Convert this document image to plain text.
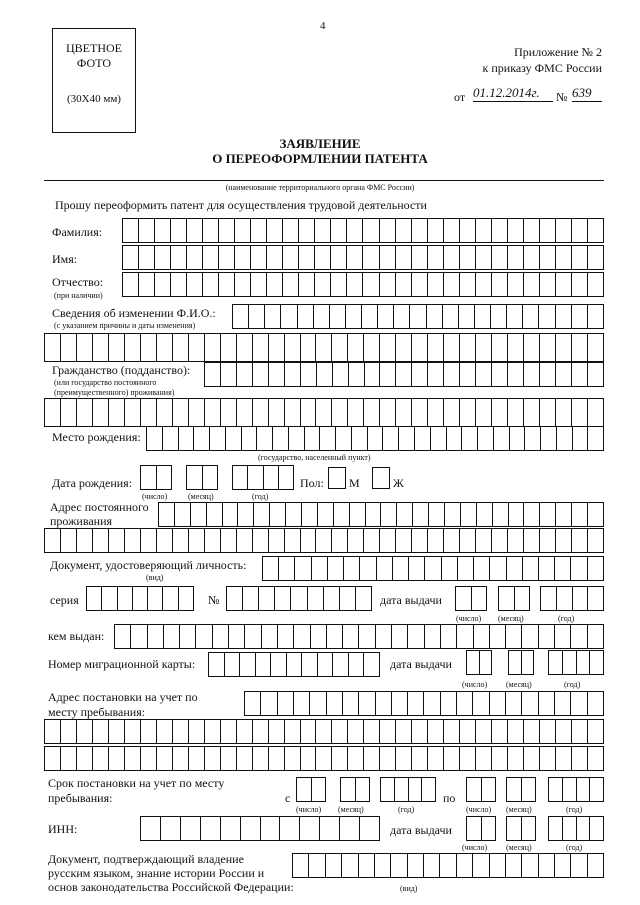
4
ЦВЕТНОЕ
ФОТО
(30Х40 мм)
Приложение № 2
к приказу ФМС России
от 01.12.2014г.	№ 639
ЗАЯВЛЕНИЕ
О ПЕРЕОФОРМЛЕНИИ ПАТЕНТА
(наименование территориального органа ФМС России)
Прошу переоформить патент для осуществления трудовой деятельности
Фамилия:
Имя:
Отчество:
(при наличии)
Сведения об изменении Ф.И.О.:
(с указанием причины и даты изменения)
Гражданство (подданство):
(или государство постоянного
(преимущественного) проживания)
Место рождения:
(государство, населенный пункт)
Дата рождения:
(число)	(месяц)	(год)
Пол: М	Ж
Адрес постоянного
проживания
Документ, удостоверяющий личность:
(вид)
серия	№	дата выдачи
(число) (месяц)	(год)
кем выдан:
Номер миграционной карты:	дата выдачи
(число) (месяц)	(год)
Адрес постановки на учет по
месту пребывания:
Срок постановки на учет по месту
пребывания:	с	по
(число) (месяц)	(год)	(число) (месяц)	(год)
ИНН:	дата выдачи
(число) (месяц)	(год)
Документ, подтверждающий владение
русским языком, знание истории России и
основ законодательства Российской Федерации:	(вид)
